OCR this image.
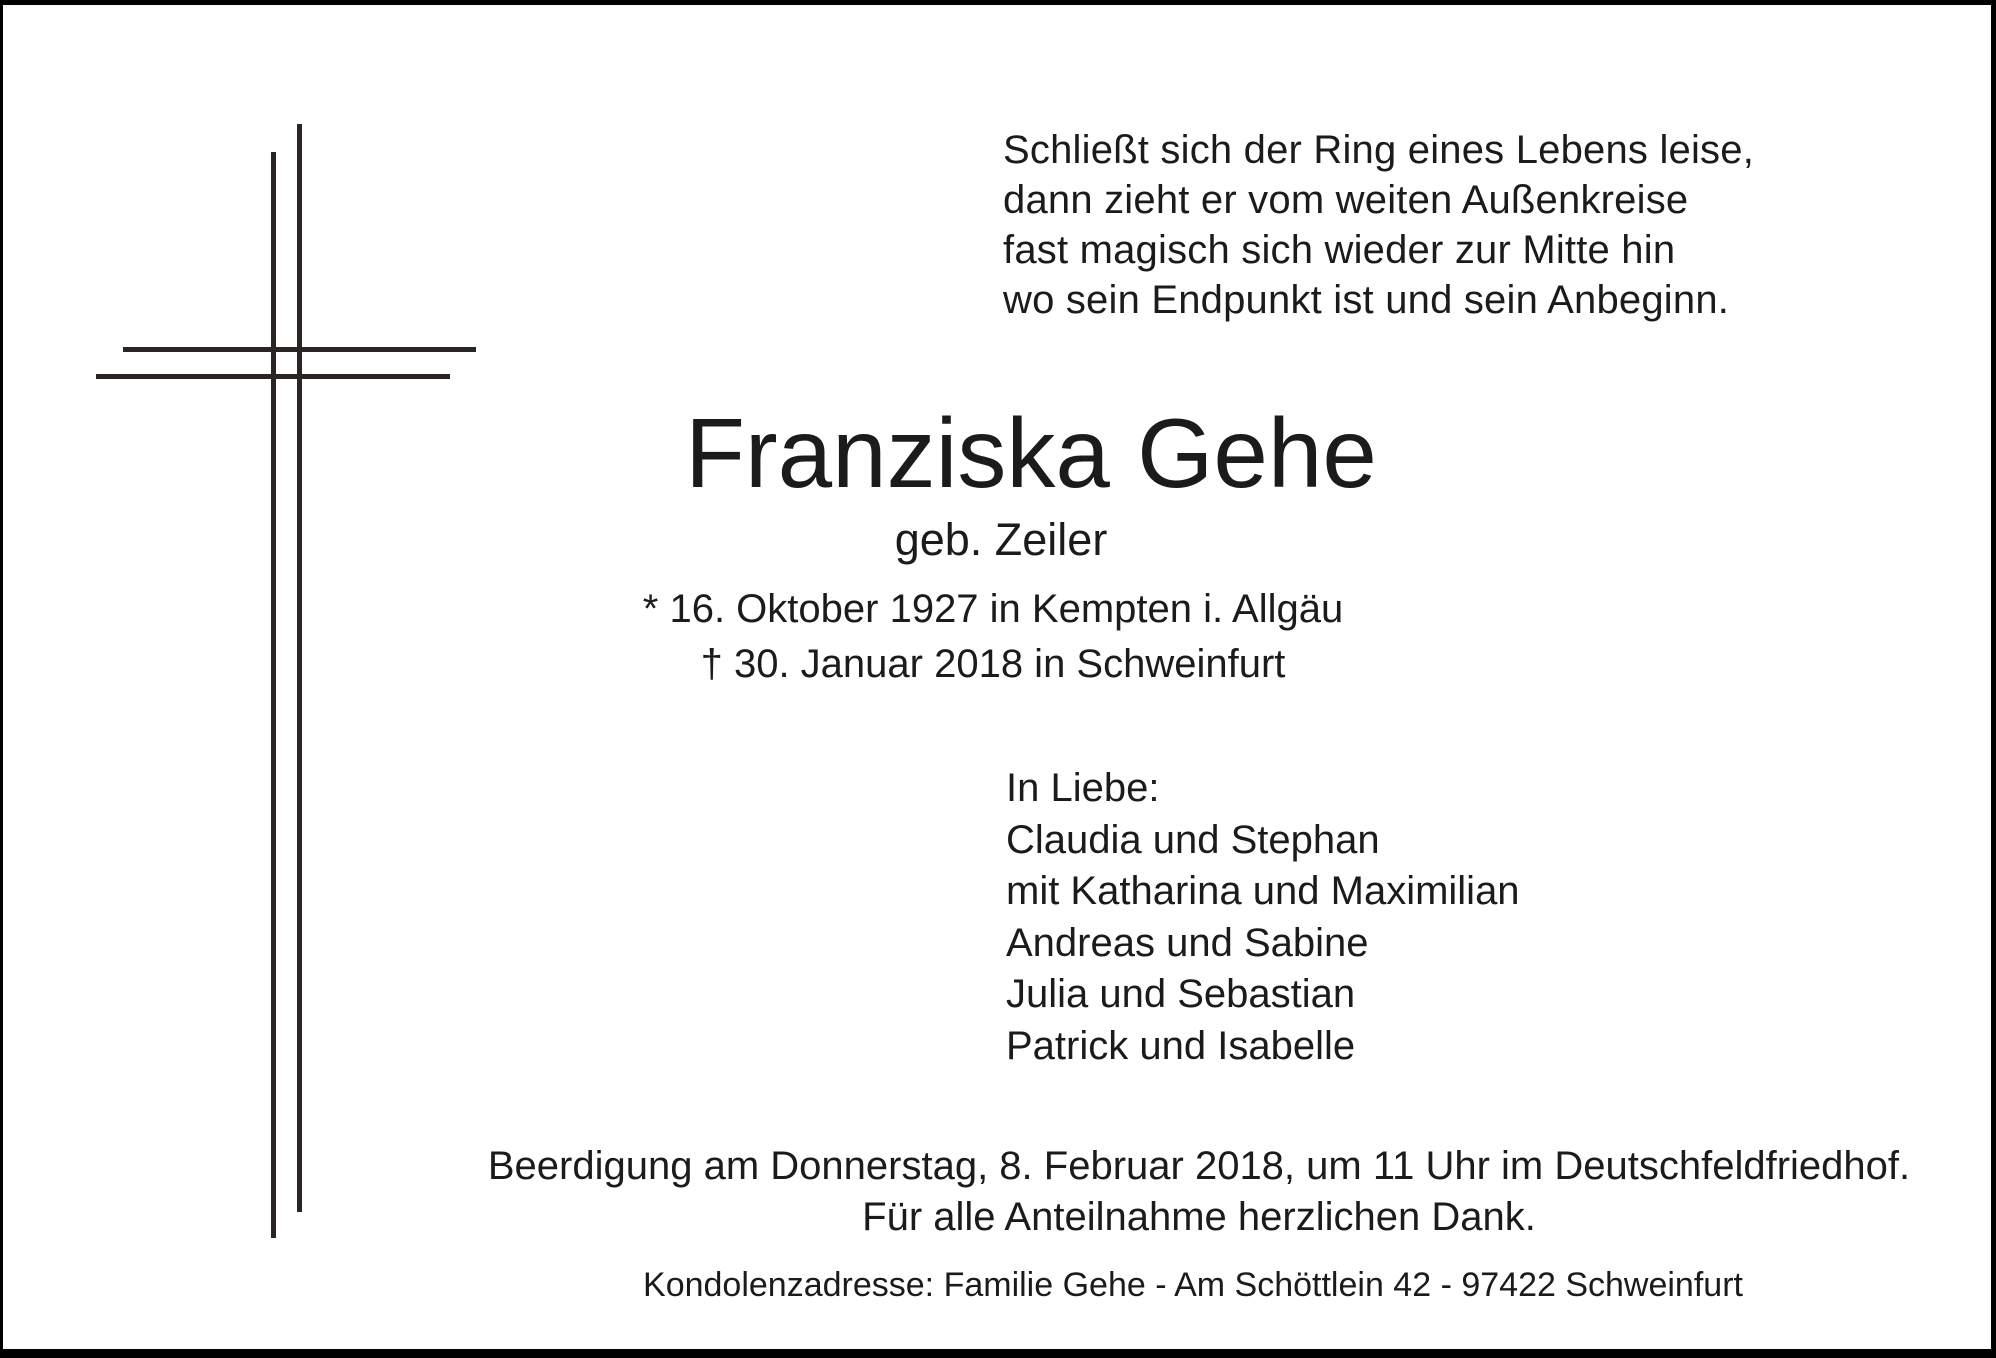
Schließt sich der Ring eines Lebens leise,
dann zieht er vom weiten Außenkreise
fast magisch sich wieder zur Mitte hin
wo sein Endpunkt ist und sein Anbeginn.
Franziska Gehe
geb. Zeiler
* 16. Oktober 1927 in Kempten i. Allgäu
† 30. Januar 2018 in Schweinfurt
In Liebe:
Claudia und Stephan
mit Katharina und Maximilian
Andreas und Sabine
Julia und Sebastian
Patrick und Isabelle
Beerdigung am Donnerstag, 8. Februar 2018, um 11 Uhr im Deutschfeldfriedhof.
Für alle Anteilnahme herzlichen Dank.
Kondolenzadresse: Familie Gehe - Am Schöttlein 42 - 97422 Schweinfurt
